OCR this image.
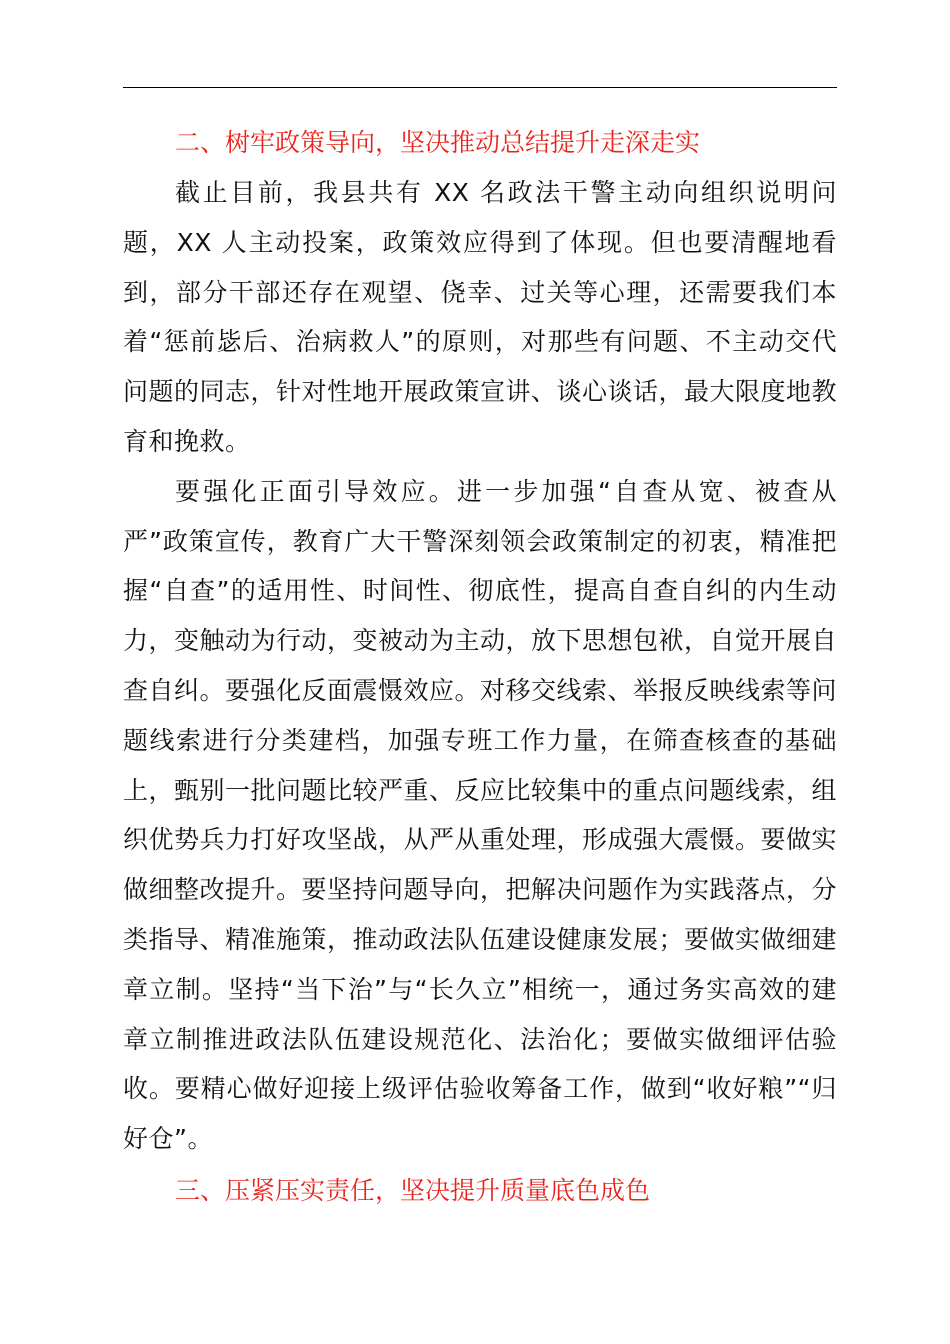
二、树牢政策导向，坚决推动总结提升走深走实

截止目前，我县共有 XX 名政法干警主动向组织说明问题，XX 人主动投案，政策效应得到了体现。但也要清醒地看到，部分干部还存在观望、侥幸、过关等心理，还需要我们本着“惩前毖后、治病救人”的原则，对那些有问题、不主动交代问题的同志，针对性地开展政策宣讲、谈心谈话，最大限度地教育和挽救。

要强化正面引导效应。进一步加强“自查从宽、被查从严”政策宣传，教育广大干警深刻领会政策制定的初衷，精准把握“自查”的适用性、时间性、彻底性，提高自查自纠的内生动力，变触动为行动，变被动为主动，放下思想包袱，自觉开展自查自纠。要强化反面震慑效应。对移交线索、举报反映线索等问题线索进行分类建档，加强专班工作力量，在筛查核查的基础上，甄别一批问题比较严重、反应比较集中的重点问题线索，组织优势兵力打好攻坚战，从严从重处理，形成强大震慑。要做实做细整改提升。要坚持问题导向，把解决问题作为实践落点，分类指导、精准施策，推动政法队伍建设健康发展；要做实做细建章立制。坚持“当下治”与“长久立”相统一，通过务实高效的建章立制推进政法队伍建设规范化、法治化；要做实做细评估验收。要精心做好迎接上级评估验收筹备工作，做到“收好粮”“归好仓”。

三、压紧压实责任，坚决提升质量底色成色
